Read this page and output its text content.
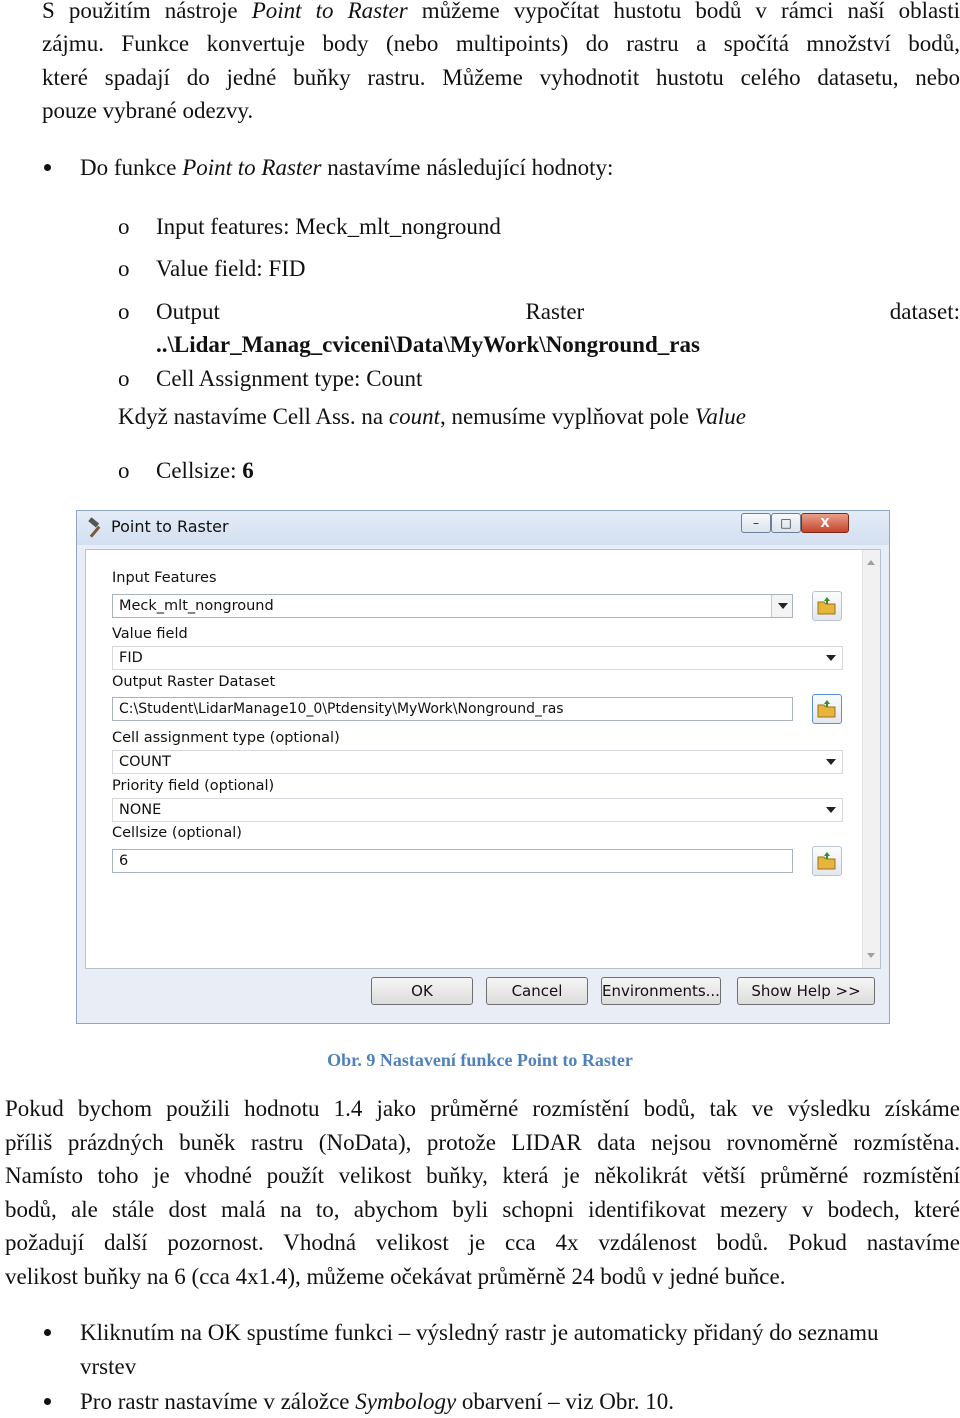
S použitím nástroje Point to Raster můžeme vypočítat hustotu bodů v rámci naší oblasti
zájmu. Funkce konvertuje body (nebo multipoints) do rastru a spočítá množství bodů,
které spadají do jedné buňky rastru. Můžeme vyhodnotit hustotu celého datasetu, nebo
pouze vybrané odezvy.
Do funkce Point to Raster nastavíme následující hodnoty:
o Input features: Meck_mlt_nonground
o Value field: FID
o Output	Raster	dataset:
..\Lidar_Manag_cviceni\Data\MyWork\Nonground_ras
o Cell Assignment type: Count
Když nastavíme Cell Ass. na count, nemusíme vyplňovat pole Value
o Cellsize: 6
Point to Raster	–	□	X
Input Features
Meck_mlt_nonground
Value field
FID
Output Raster Dataset
C:\Student\LidarManage10_0\Ptdensity\MyWork\Nonground_ras
Cell assignment type (optional)
COUNT
Priority field (optional)
NONE
Cellsize (optional)
6
OK	Cancel	Environments...	Show Help >>
Obr. 9 Nastavení funkce Point to Raster
Pokud bychom použili hodnotu 1.4 jako průměrné rozmístění bodů, tak ve výsledku získáme
příliš prázdných buněk rastru (NoData), protože LIDAR data nejsou rovnoměrně rozmístěna.
Namísto toho je vhodné použít velikost buňky, která je několikrát větší průměrné rozmístění
bodů, ale stále dost malá na to, abychom byli schopni identifikovat mezery v bodech, které
požadují další pozornost. Vhodná velikost je cca 4x vzdálenost bodů. Pokud nastavíme
velikost buňky na 6 (cca 4x1.4), můžeme očekávat průměrně 24 bodů v jedné buňce.
Kliknutím na OK spustíme funkci – výsledný rastr je automaticky přidaný do seznamu
vrstev
Pro rastr nastavíme v záložce Symbology obarvení – viz Obr. 10.
